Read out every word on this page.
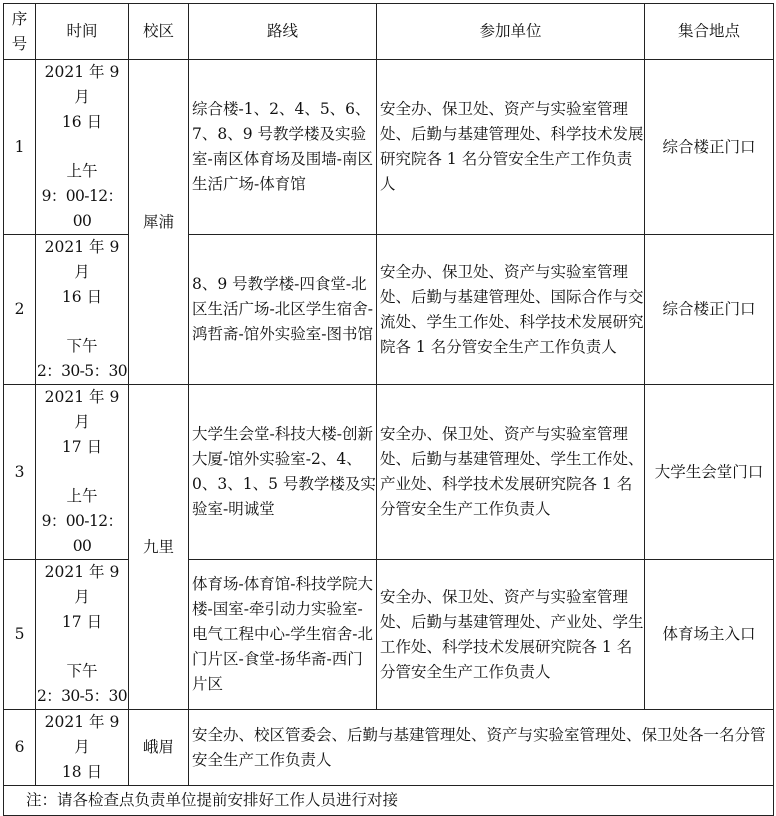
序
号	时间	校区	路线	参加单位	集合地点
1	2021 年 9 月
16 日
上午
9：00-12：00	犀浦	综合楼-1、2、4、5、6、7、8、9 号教学楼及实验室-南区体育场及围墙-南区生活广场-体育馆	安全办、保卫处、资产与实验室管理处、后勤与基建管理处、科学技术发展研究院各 1 名分管安全生产工作负责人	综合楼正门口
2	2021 年 9 月
16 日
下午
2：30-5：30		8、9 号教学楼-四食堂-北区生活广场-北区学生宿舍-鸿哲斋-馆外实验室-图书馆	安全办、保卫处、资产与实验室管理处、后勤与基建管理处、国际合作与交流处、学生工作处、科学技术发展研究院各 1 名分管安全生产工作负责人	综合楼正门口
3	2021 年 9 月
17 日
上午
9：00-12：00	九里	大学生会堂-科技大楼-创新大厦-馆外实验室-2、4、0、3、1、5 号教学楼及实验室-明诚堂	安全办、保卫处、资产与实验室管理处、后勤与基建管理处、学生工作处、产业处、科学技术发展研究院各 1 名分管安全生产工作负责人	大学生会堂门口
5	2021 年 9 月
17 日
下午
2：30-5：30		体育场-体育馆-科技学院大楼-国室-牵引动力实验室-电气工程中心-学生宿舍-北门片区-食堂-扬华斋-西门片区	安全办、保卫处、资产与实验室管理处、后勤与基建管理处、产业处、学生工作处、科学技术发展研究院各 1 名分管安全生产工作负责人	体育场主入口
6	2021 年 9 月
18 日	峨眉	安全办、校区管委会、后勤与基建管理处、资产与实验室管理处、保卫处各一名分管安全生产工作负责人		
注：请各检查点负责单位提前安排好工作人员进行对接					
